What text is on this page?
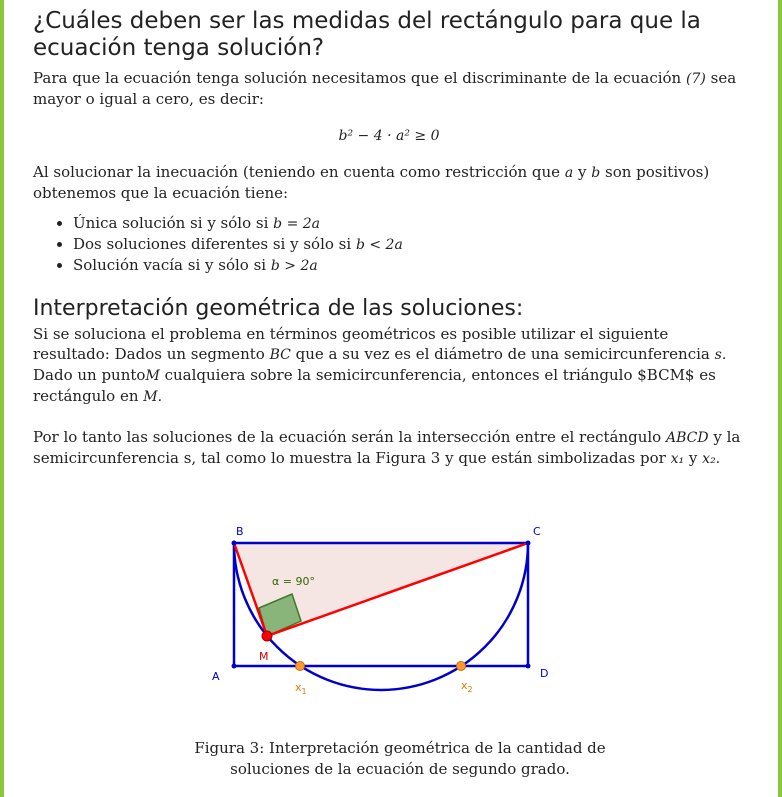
¿Cuáles deben ser las medidas del rectángulo para que la ecuación tenga solución?

Para que la ecuación tenga solución necesitamos que el discriminante de la ecuación (7) sea mayor o igual a cero, es decir:

b² − 4 · a² ≥ 0

Al solucionar la inecuación (teniendo en cuenta como restricción que a y b son positivos) obtenemos que la ecuación tiene:

• Única solución si y sólo si b = 2a
• Dos soluciones diferentes si y sólo si b < 2a
• Solución vacía si y sólo si b > 2a
Interpretación geométrica de las soluciones:

Si se soluciona el problema en términos geométricos es posible utilizar el siguiente resultado: Dados un segmento BC que a su vez es el diámetro de una semicircunferencia s. Dado un puntoM cualquiera sobre la semicircunferencia, entonces el triángulo $BCM$ es rectángulo en M.

Por lo tanto las soluciones de la ecuación serán la intersección entre el rectángulo ABCD y la semicircunferencia s, tal como lo muestra la Figura 3 y que están simbolizadas por x₁ y x₂.

B	C
A	D
M
$x_1$	$x_2$
α = 90°
Figura 3: Interpretación geométrica de la cantidad de soluciones de la ecuación de segundo grado.
